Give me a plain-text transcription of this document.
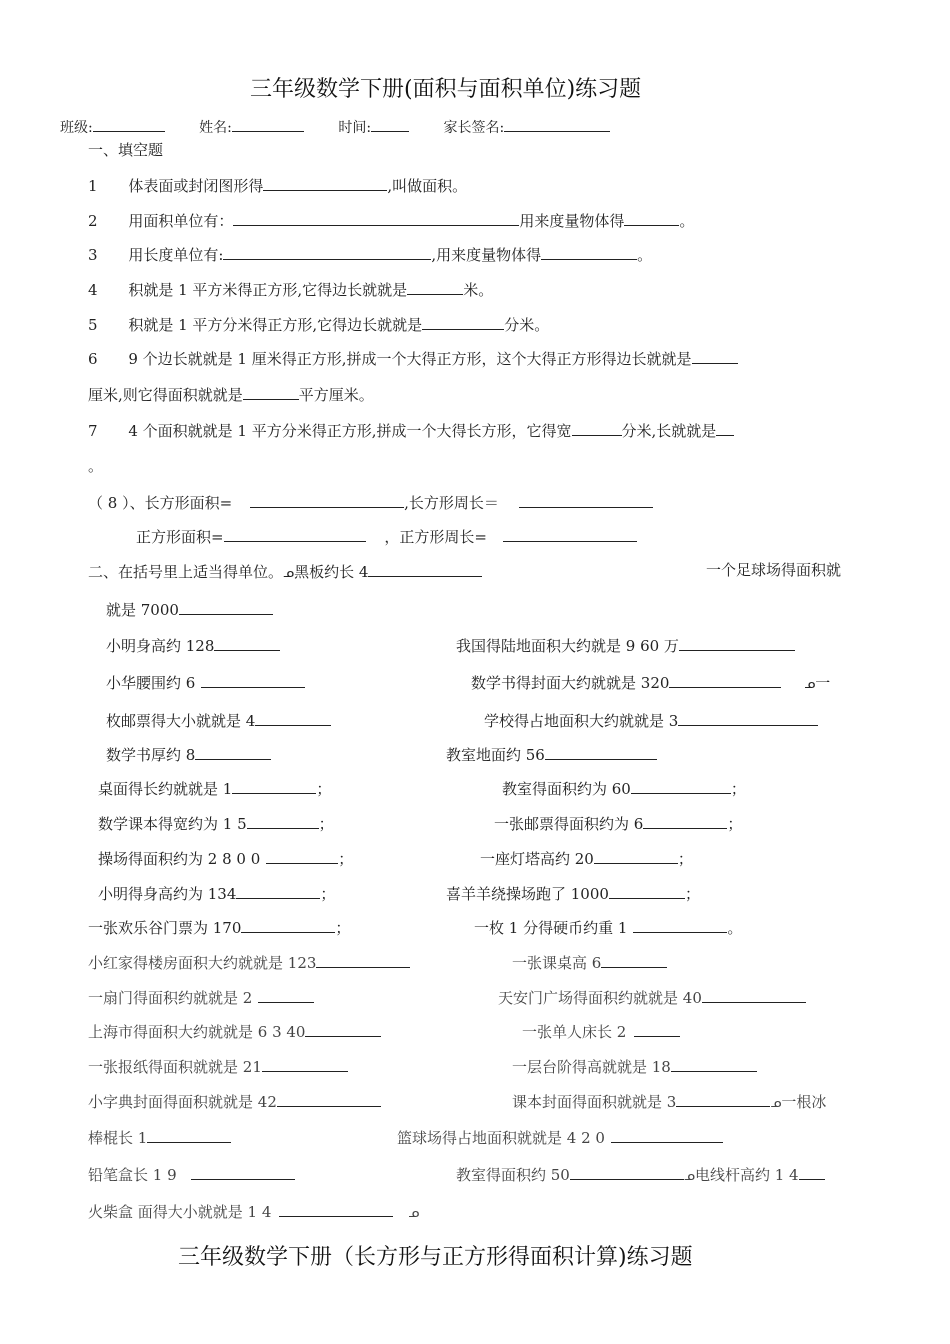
三年级数学下册(面积与面积单位)练习题
班级:	姓名:	时间:	家长签名:
一、填空题
1 体表面或封闭图形得	,叫做面积。
2 用面积单位有：	用来度量物体得	。
3 用长度单位有:	,用来度量物体得	。
4 积就是 1 平方米得正方形,它得边长就就是	米。
5 积就是 1 平方分米得正方形,它得边长就就是	分米。
6 9 个边长就就是 1 厘米得正方形,拼成一个大得正方形，这个大得正方形得边长就就是
厘米,则它得面积就就是	平方厘米。
7 4 个面积就就是 1 平方分米得正方形,拼成一个大得长方形，它得宽	分米,长就就是
。
（ 8 ）、长方形面积=	,长方形周长＝
正方形面积=	，正方形周长=
二、在括号里上适当得单位。ᓄ黑板约长 4	一个足球场得面积就
就是 7000
小明身高约 128	我国得陆地面积大约就是 9 60 万
小华腰围约 6	数学书得封面大约就就是 320	ᓄ一
枚邮票得大小就就是 4	学校得占地面积大约就就是 3
数学书厚约 8	教室地面约 56
桌面得长约就就是 1	；	教室得面积约为 60	；
数学课本得宽约为 1 5	；	一张邮票得面积约为 6	；
操场得面积约为 2 8 0 0	；	一座灯塔高约 20	；
小明得身高约为 134	；	喜羊羊绕操场跑了 1000	；
一张欢乐谷门票为 170	；	一枚 1 分得硬币约重 1	。
小红家得楼房面积大约就就是 123	一张课桌高 6
一扇门得面积约就就是 2	天安门广场得面积约就就是 40
上海市得面积大约就就是 6 3 40	一张单人床长 2
一张报纸得面积就就是 21	一层台阶得高就就是 18
小字典封面得面积就就是 42	课本封面得面积就就是 3	ᓄ一根冰
棒棍长 1	篮球场得占地面积就就是 4 2 0
铅笔盒长 1 9	教室得面积约 50	ᓄ电线杆高约 1 4
火柴盒 面得大小就就是 1 4	ᓄ
三年级数学下册（长方形与正方形得面积计算)练习题
